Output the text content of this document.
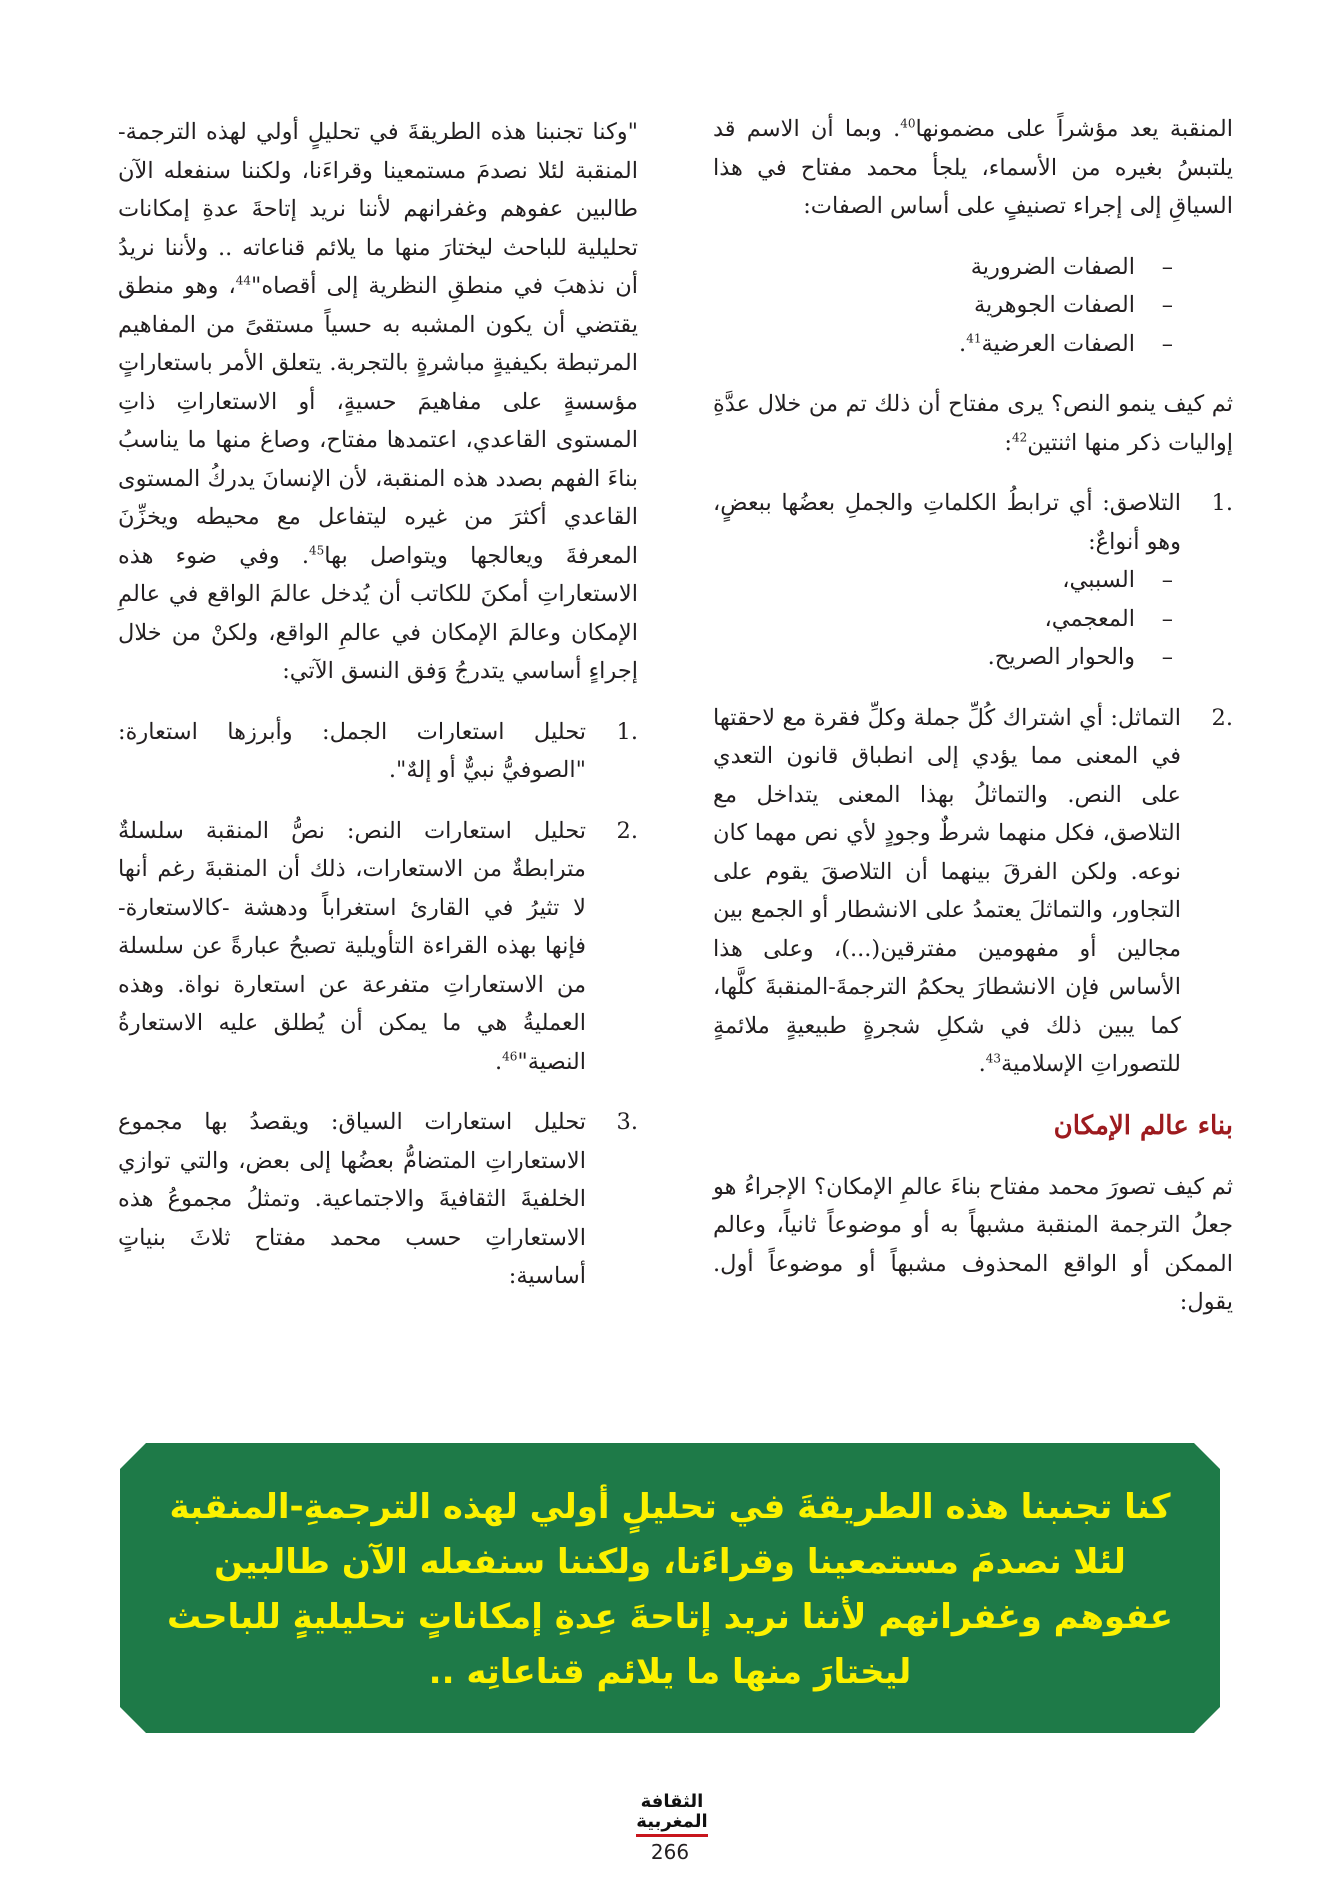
المنقبة يعد مؤشراً على مضمونها$^{40}$. وبما أن الاسم قد يلتبسُ بغيره من الأسماء، يلجأ محمد مفتاح في هذا السياقِ إلى إجراء تصنيفٍ على أساس الصفات:

– الصفات الضرورية
– الصفات الجوهرية
– الصفات العرضية$^{41}$.

ثم كيف ينمو النص؟ يرى مفتاح أن ذلك تم من خلال عدَّةِ إواليات ذكر منها اثنتين$^{42}$:

1.

التلاصق: أي ترابطُ الكلماتِ والجملِ بعضُها ببعضٍ، وهو أنواعٌ:

– السببي،
– المعجمي،
– والحوار الصريح.
2.

التماثل: أي اشتراك كُلِّ جملة وكلِّ فقرة مع لاحقتها في المعنى مما يؤدي إلى انطباق قانون التعدي على النص. والتماثلُ بهذا المعنى يتداخل مع التلاصق، فكل منهما شرطٌ وجودٍ لأي نص مهما كان نوعه. ولكن الفرقَ بينهما أن التلاصقَ يقوم على التجاور، والتماثلَ يعتمدُ على الانشطار أو الجمع بين مجالين أو مفهومين مفترقين(...)، وعلى هذا الأساس فإن الانشطارَ يحكمُ الترجمةَ-المنقبةَ كلَّها، كما يبين ذلك في شكلِ شجرةٍ طبيعيةٍ ملائمةٍ للتصوراتِ الإسلامية$^{43}$.

بناء عالم الإمكان

ثم كيف تصورَ محمد مفتاح بناءَ عالمِ الإمكان؟ الإجراءُ هو جعلُ الترجمة المنقبة مشبهاً به أو موضوعاً ثانياً، وعالم الممكن أو الواقع المحذوف مشبهاً أو موضوعاً أول. يقول:

"وكنا تجنبنا هذه الطريقةَ في تحليلٍ أولي لهذه الترجمة-المنقبة لئلا نصدمَ مستمعينا وقراءَنا، ولكننا سنفعله الآن طالبين عفوهم وغفرانهم لأننا نريد إتاحةَ عدةِ إمكانات تحليلية للباحث ليختارَ منها ما يلائم قناعاته .. ولأننا نريدُ أن نذهبَ في منطقِ النظرية إلى أقصاه"$^{44}$، وهو منطق يقتضي أن يكون المشبه به حسياً مستقىً من المفاهيم المرتبطة بكيفيةٍ مباشرةٍ بالتجربة. يتعلق الأمر باستعاراتٍ مؤسسةٍ على مفاهيمَ حسيةٍ، أو الاستعاراتِ ذاتِ المستوى القاعدي، اعتمدها مفتاح، وصاغ منها ما يناسبُ بناءَ الفهم بصدد هذه المنقبة، لأن الإنسانَ يدركُ المستوى القاعدي أكثرَ من غيره ليتفاعل مع محيطه ويخزِّنَ المعرفةَ ويعالجها ويتواصل بها$^{45}$. وفي ضوء هذه الاستعاراتِ أمكنَ للكاتب أن يُدخل عالمَ الواقع في عالمِ الإمكان وعالمَ الإمكان في عالمِ الواقع، ولكنْ من خلال إجراءٍ أساسي يتدرجُ وَفق النسق الآتي:

1.

تحليل استعارات الجمل: وأبرزها استعارة: "الصوفيُّ نبيٌّ أو إلهٌ".

2.

تحليل استعارات النص: نصُّ المنقبة سلسلةٌ مترابطةٌ من الاستعارات، ذلك أن المنقبةَ رغم أنها لا تثيرُ في القارئ استغراباً ودهشة -كالاستعارة- فإنها بهذه القراءة التأويلية تصبحُ عبارةً عن سلسلة من الاستعاراتِ متفرعة عن استعارة نواة. وهذه العمليةُ هي ما يمكن أن يُطلق عليه الاستعارةُ النصية"$^{46}$.

3.

تحليل استعارات السياق: ويقصدُ بها مجموع الاستعاراتِ المتضامُّ بعضُها إلى بعض، والتي توازي الخلفيةَ الثقافيةَ والاجتماعية. وتمثلُ مجموعُ هذه الاستعاراتِ حسب محمد مفتاح ثلاثَ بنياتٍ أساسية:

كنا تجنبنا هذه الطريقةَ في تحليلٍ أولي لهذه الترجمةِ-المنقبة لئلا نصدمَ مستمعينا وقراءَنا، ولكننا سنفعله الآن طالبين عفوهم وغفرانهم لأننا نريد إتاحةَ عِدةِ إمكاناتٍ تحليليةٍ للباحث ليختارَ منها ما يلائم قناعاتِه ..
الثقافة
المغربية
266
